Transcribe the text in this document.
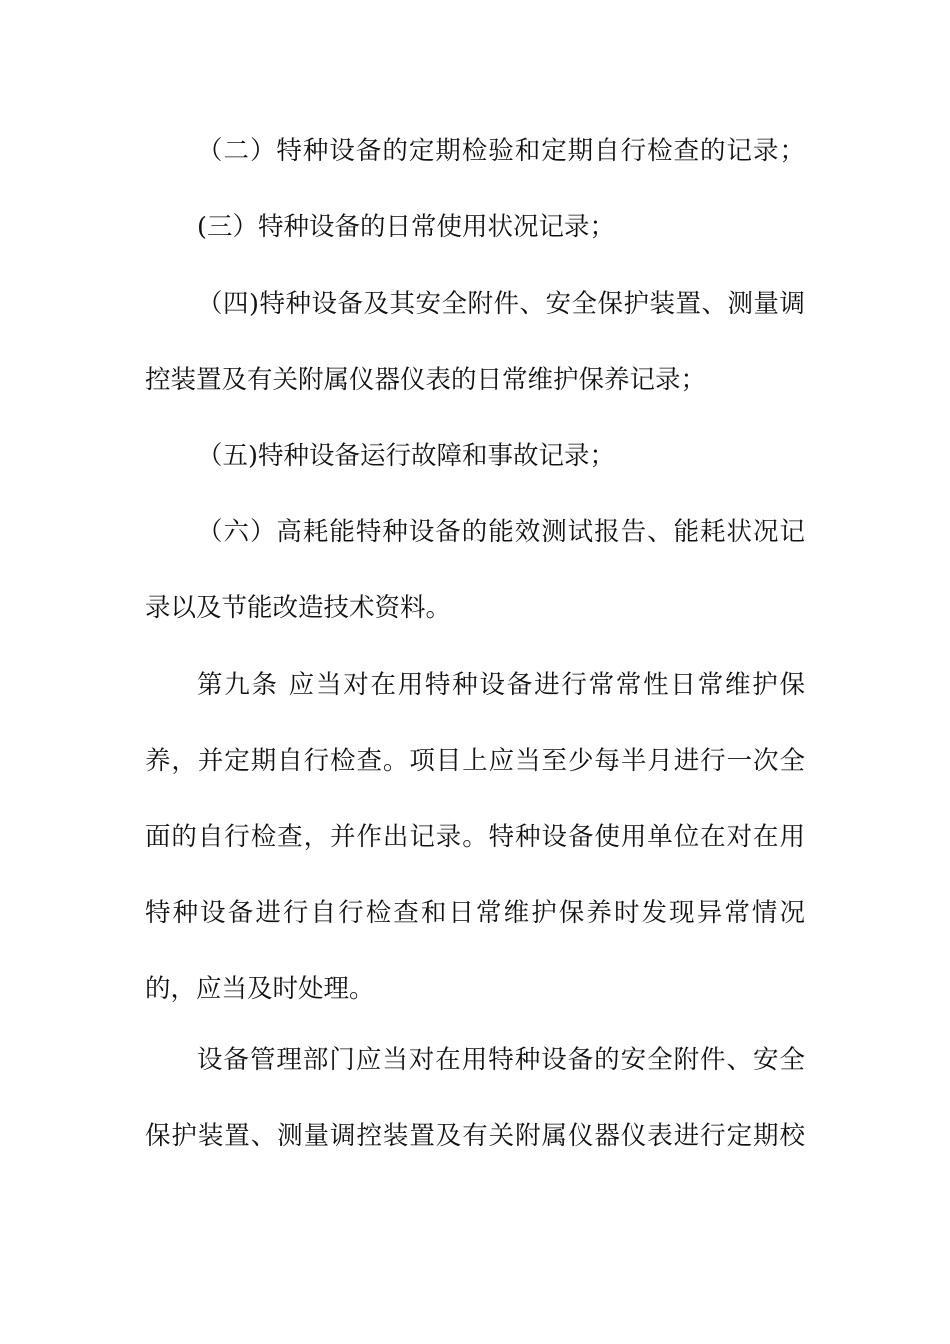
（二）特种设备的定期检验和定期自行检查的记录；
(三）特种设备的日常使用状况记录；
（四)特种设备及其安全附件、安全保护装置、测量调
控装置及有关附属仪器仪表的日常维护保养记录；
（五)特种设备运行故障和事故记录；
（六）高耗能特种设备的能效测试报告、能耗状况记
录以及节能改造技术资料。
第九条 应当对在用特种设备进行常常性日常维护保
养，并定期自行检查。项目上应当至少每半月进行一次全
面的自行检查，并作出记录。特种设备使用单位在对在用
特种设备进行自行检查和日常维护保养时发现异常情况
的，应当及时处理。
设备管理部门应当对在用特种设备的安全附件、安全
保护装置、测量调控装置及有关附属仪器仪表进行定期校
